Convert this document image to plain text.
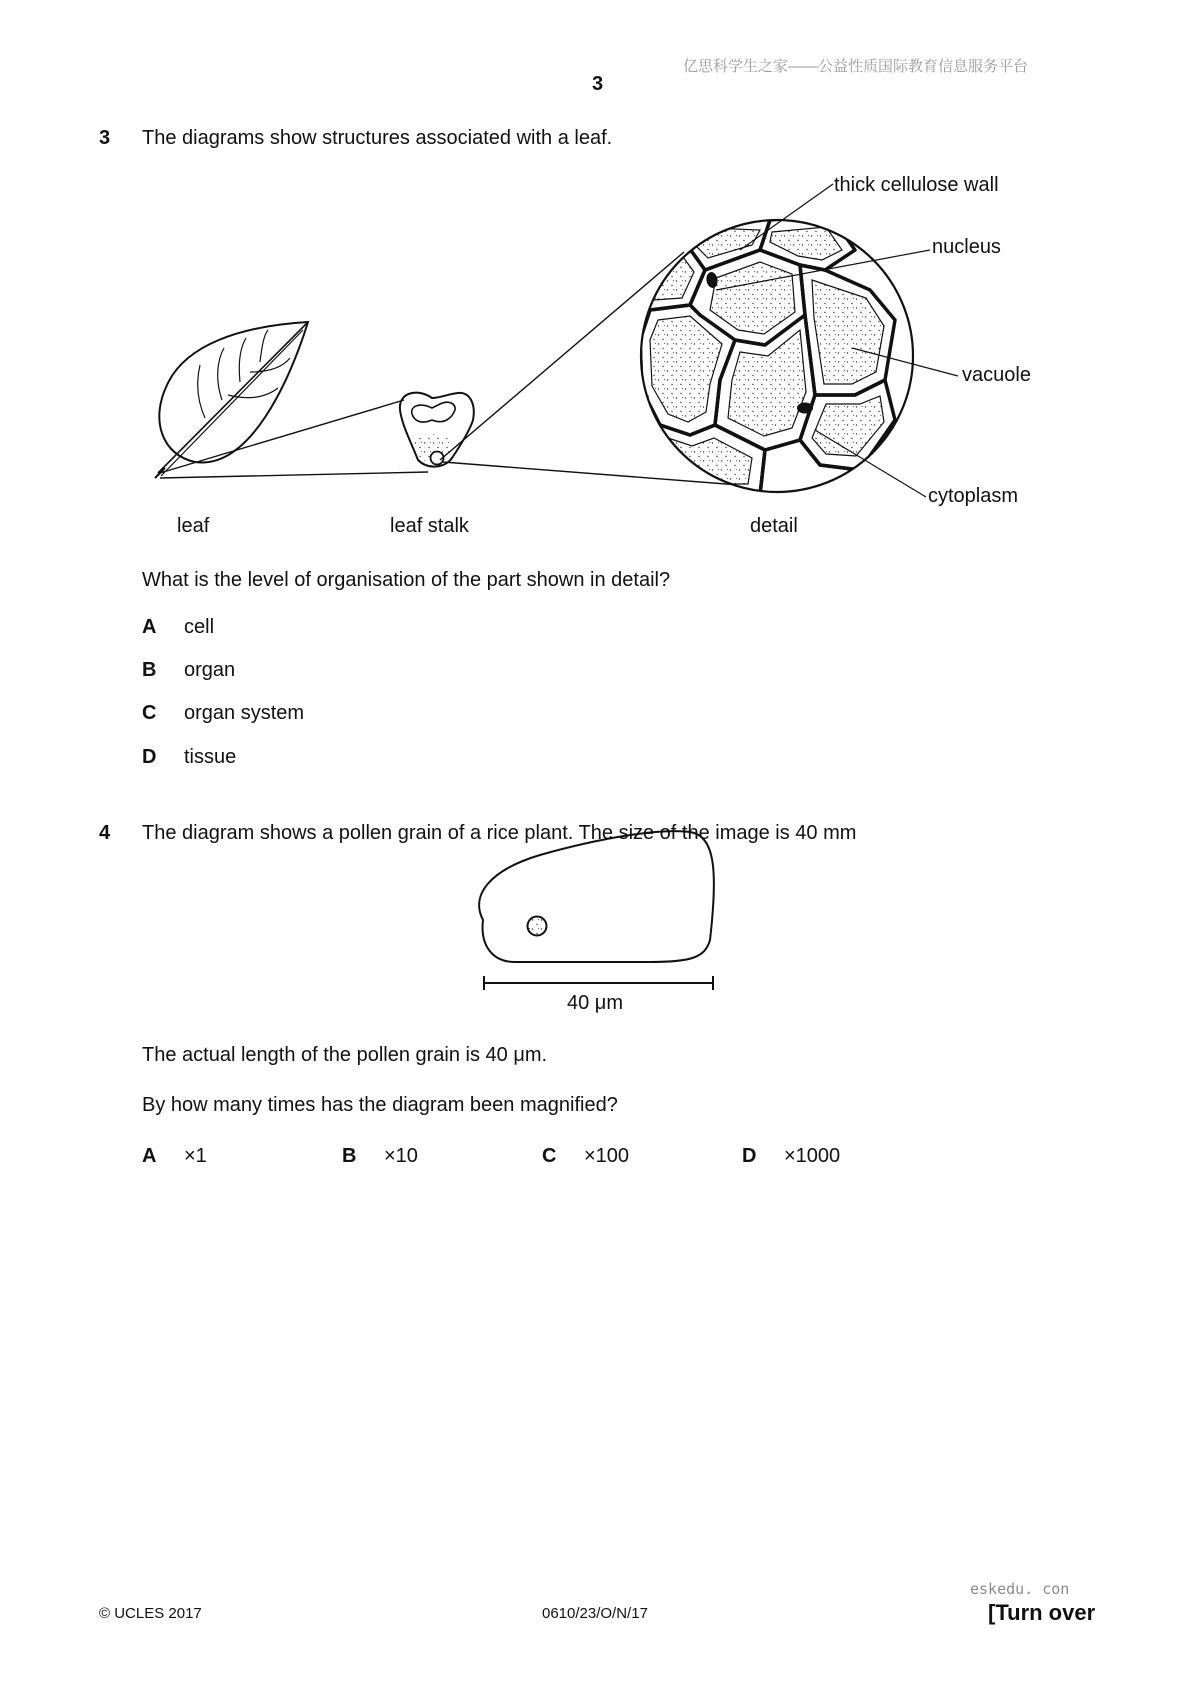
亿思科学生之家——公益性质国际教育信息服务平台
3
3 The diagrams show structures associated with a leaf.
thick cellulose wall
nucleus
vacuole
cytoplasm
leaf	leaf stalk	detail
What is the level of organisation of the part shown in detail?
A cell
B organ
C organ system
D tissue
4 The diagram shows a pollen grain of a rice plant. The size of the image is 40 mm
40 μm
The actual length of the pollen grain is 40 μm.
By how many times has the diagram been magnified?
A ×1	B ×10	C ×100	D ×1000
eskedu. con
© UCLES 2017	0610/23/O/N/17	[Turn over
